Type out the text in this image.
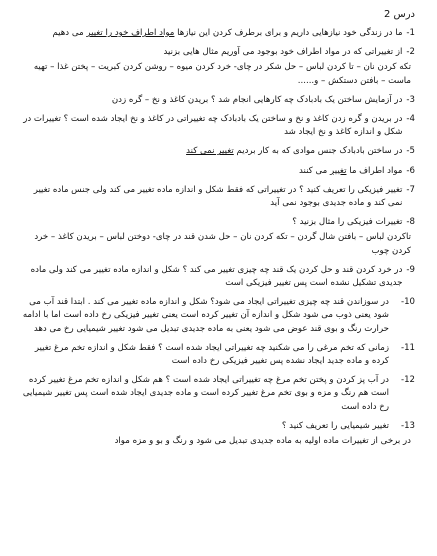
درس 2

1-
ما در زندگی خود نیازهایی داریم و برای برطرف کردن این نیازها مواد اطراف خود را تغییر می دهیم
2-
از تغییراتی که در مواد اطراف خود بوجود می آوریم مثال هایی بزنید

تکه کردن نان – تا کردن لباس – حل شکر در چای- خرد کردن میوه – روشن کردن کبریت – پختن غذا – تهیه ماست – بافتن دستکش – و......

3-
در آزمایش ساختن یک بادبادک چه کارهایی انجام شد ؟ بریدن کاغذ و نخ – گره زدن
4-
در بریدن و گره زدن کاغذ و نخ و ساختن یک بادبادک چه تغییراتی در کاغذ و نخ ایجاد شده است ؟ تغییرات در شکل و اندازه کاغذ و نخ ایجاد شد
5-
در ساختن بادبادک جنس موادی که به کار بردیم تغییر نمی کند
6-
مواد اطراف ما تغییر می کنند
7-
تغییر فیزیکی را تعریف کنید ؟ در تغییراتی که فقط شکل و اندازه ماده تغییر می کند ولی جنس ماده تغییر نمی کند و ماده جدیدی بوجود نمی آید
8-
تغییرات فیزیکی را مثال بزنید ؟

تاکردن لباس – بافتن شال گردن – تکه کردن نان – حل شدن قند در چای- دوختن لباس – بریدن کاغذ – خرد کردن چوب

9-
در خرد کردن قند و حل کردن یک قند چه چیزی تغییر می کند ؟ شکل و اندازه ماده تغییر می کند ولی ماده جدیدی تشکیل نشده است پس تغییر فیزیکی است
10-
در سوزاندن قند چه چیزی تغییراتی ایجاد می شود؟ شکل و اندازه ماده تغییر می کند . ابتدا قند آب می شود یعنی ذوب می شود شکل و اندازه آن تغییر کرده است یعنی تغییر فیزیکی رخ داده است اما با ادامه حرارت رنگ و بوی قند عوض می شود یعنی به ماده جدیدی تبدیل می شود تغییر شیمیایی رخ می دهد
11-
زمانی که تخم مرغی را می شکنید چه تغییراتی ایجاد شده است ؟ فقط شکل و اندازه تخم مرغ تغییر کرده و ماده جدید ایجاد نشده پس تغییر فیزیکی رخ داده است
12-
در آب پز کردن و پختن تخم مرغ چه تغییراتی ایجاد شده است ؟ هم شکل و اندازه تخم مرغ تغییر کرده است هم رنگ و مزه و بوی تخم مرغ تغییر کرده است و ماده جدیدی ایجاد شده است پس تغییر شیمیایی رخ داده است
13-
تغییر شیمیایی را تعریف کنید ؟

در برخی از تغییرات ماده اولیه به ماده جدیدی تبدیل می شود و رنگ و بو و مزه مواد
